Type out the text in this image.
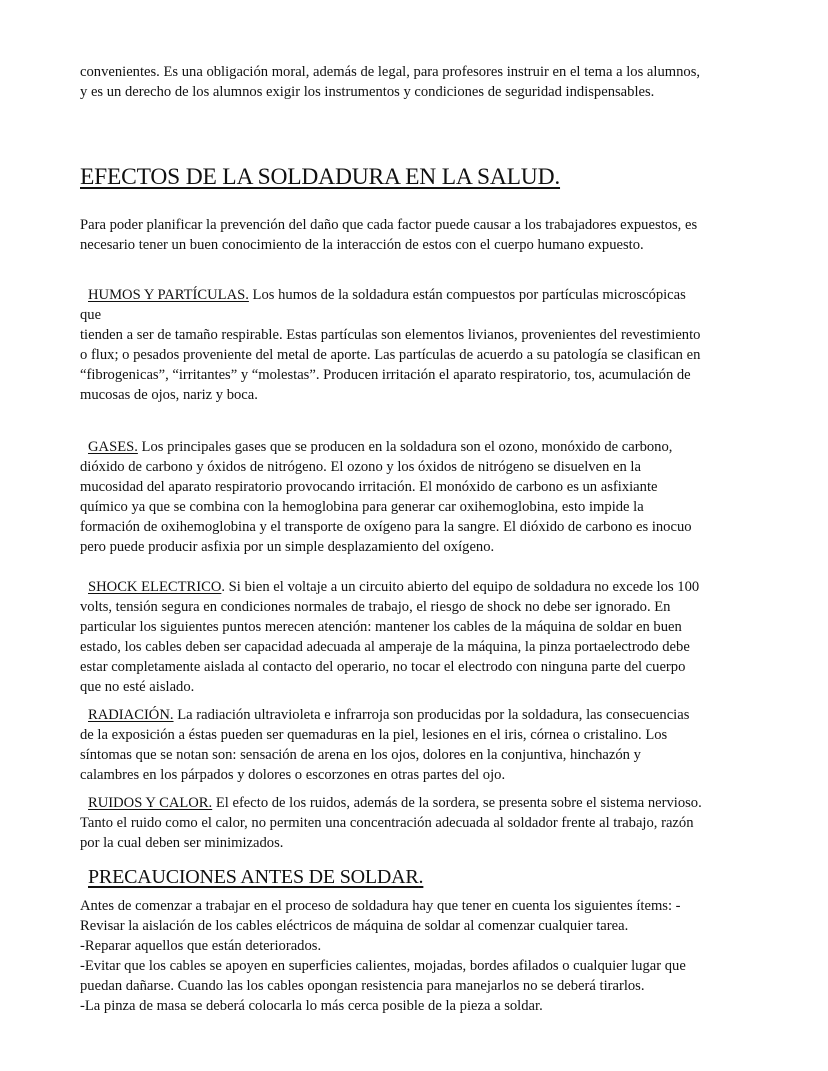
convenientes. Es una obligación moral, además de legal, para profesores instruir en el tema a los alumnos,
y es un derecho de los alumnos exigir los instrumentos y condiciones de seguridad indispensables.

EFECTOS DE LA SOLDADURA EN LA SALUD.

Para poder planificar la prevención del daño que cada factor puede causar a los trabajadores expuestos, es
necesario tener un buen conocimiento de la interacción de estos con el cuerpo humano expuesto.

HUMOS Y PARTÍCULAS. Los humos de la soldadura están compuestos por partículas microscópicas
que
tienden a ser de tamaño respirable. Estas partículas son elementos livianos, provenientes del revestimiento
o flux; o pesados proveniente del metal de aporte. Las partículas de acuerdo a su patología se clasifican en
“fibrogenicas”, “irritantes” y “molestas”. Producen irritación el aparato respiratorio, tos, acumulación de
mucosas de ojos, nariz y boca.

GASES. Los principales gases que se producen en la soldadura son el ozono, monóxido de carbono,
dióxido de carbono y óxidos de nitrógeno. El ozono y los óxidos de nitrógeno se disuelven en la
mucosidad del aparato respiratorio provocando irritación. El monóxido de carbono es un asfixiante
químico ya que se combina con la hemoglobina para generar car oxihemoglobina, esto impide la
formación de oxihemoglobina y el transporte de oxígeno para la sangre. El dióxido de carbono es inocuo
pero puede producir asfixia por un simple desplazamiento del oxígeno.

SHOCK ELECTRICO. Si bien el voltaje a un circuito abierto del equipo de soldadura no excede los 100
volts, tensión segura en condiciones normales de trabajo, el riesgo de shock no debe ser ignorado. En
particular los siguientes puntos merecen atención: mantener los cables de la máquina de soldar en buen
estado, los cables deben ser capacidad adecuada al amperaje de la máquina, la pinza portaelectrodo debe
estar completamente aislada al contacto del operario, no tocar el electrodo con ninguna parte del cuerpo
que no esté aislado.

RADIACIÓN. La radiación ultravioleta e infrarroja son producidas por la soldadura, las consecuencias
de la exposición a éstas pueden ser quemaduras en la piel, lesiones en el iris, córnea o cristalino. Los
síntomas que se notan son: sensación de arena en los ojos, dolores en la conjuntiva, hinchazón y
calambres en los párpados y dolores o escorzones en otras partes del ojo.

RUIDOS Y CALOR. El efecto de los ruidos, además de la sordera, se presenta sobre el sistema nervioso.
Tanto el ruido como el calor, no permiten una concentración adecuada al soldador frente al trabajo, razón
por la cual deben ser minimizados.

PRECAUCIONES ANTES DE SOLDAR.

Antes de comenzar a trabajar en el proceso de soldadura hay que tener en cuenta los siguientes ítems: -
Revisar la aislación de los cables eléctricos de máquina de soldar al comenzar cualquier tarea.
-Reparar aquellos que están deteriorados.
-Evitar que los cables se apoyen en superficies calientes, mojadas, bordes afilados o cualquier lugar que
puedan dañarse. Cuando las los cables opongan resistencia para manejarlos no se deberá tirarlos.
-La pinza de masa se deberá colocarla lo más cerca posible de la pieza a soldar.
